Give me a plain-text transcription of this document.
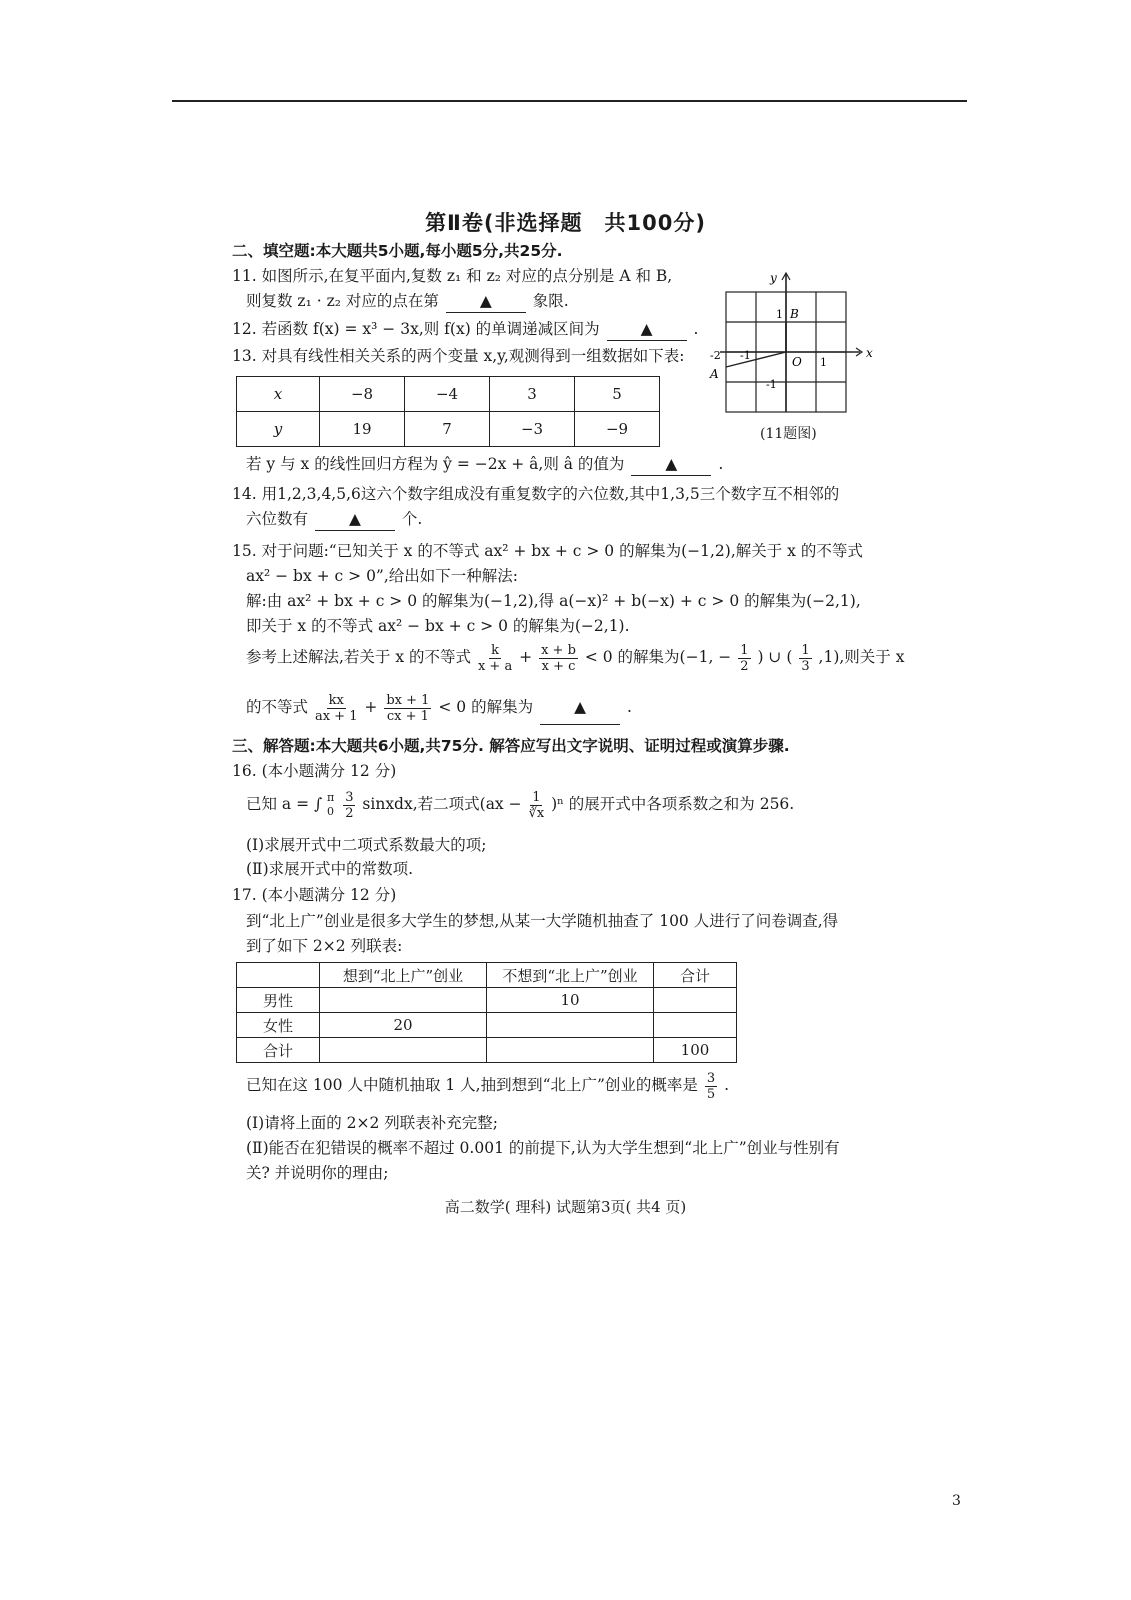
第Ⅱ卷(非选择题　共100分)
二、填空题:本大题共5小题,每小题5分,共25分.
11. 如图所示,在复平面内,复数 z₁ 和 z₂ 对应的点分别是 A 和 B,
则复数 z₁ · z₂ 对应的点在第	▲	象限.
12. 若函数 f(x) = x³ − 3x,则 f(x) 的单调递减区间为	▲	.
13. 对具有线性相关关系的两个变量 x,y,观测得到一组数据如下表:
x	−8	−4	3	5
y	19	7	−3	−9
若 y 与 x 的线性回归方程为 ŷ = −2x + â,则 â 的值为	▲	.
y
x
B
1
O 1
-1
-2
-1
A
(11题图)
14. 用1,2,3,4,5,6这六个数字组成没有重复数字的六位数,其中1,3,5三个数字互不相邻的
六位数有	▲	个.
15. 对于问题:“已知关于 x 的不等式 ax² + bx + c > 0 的解集为(−1,2),解关于 x 的不等式
ax² − bx + c > 0”,给出如下一种解法:
解:由 ax² + bx + c > 0 的解集为(−1,2),得 a(−x)² + b(−x) + c > 0 的解集为(−2,1),
即关于 x 的不等式 ax² − bx + c > 0 的解集为(−2,1).
参考上述解法,若关于 x 的不等式 $\frac{k}{x + a} + \frac{x + b}{x + c} < 0$ 的解集为(−1, − $\frac{1}{2}$ ) ∪ ( $\frac{1}{3} ,1$),则关于 x
的不等式 $\frac{kx}{ax + 1} + \frac{bx + 1}{cx + 1} < 0$ 的解集为	▲	.
三、解答题:本大题共6小题,共75分. 解答应写出文字说明、证明过程或演算步骤.
16. (本小题满分 12 分)
已知 a = ∫ π
0
$\frac{3}{2}$ sinxdx,若二项式$(ax - \frac{1}{∛x} )^n$ 的展开式中各项系数之和为 256.
(Ⅰ)求展开式中二项式系数最大的项;
(Ⅱ)求展开式中的常数项.
17. (本小题满分 12 分)
到“北上广”创业是很多大学生的梦想,从某一大学随机抽查了 100 人进行了问卷调查,得
到了如下 2×2 列联表:
	想到“北上广”创业	不想到“北上广”创业	合计
男性		10	
女性	20		
合计			100
已知在这 100 人中随机抽取 1 人,抽到想到“北上广”创业的概率是 $\frac{3}{5}$ .
(Ⅰ)请将上面的 2×2 列联表补充完整;
(Ⅱ)能否在犯错误的概率不超过 0.001 的前提下,认为大学生想到“北上广”创业与性别有
关? 并说明你的理由;
高二数学( 理科) 试题第3页( 共4 页)
3
